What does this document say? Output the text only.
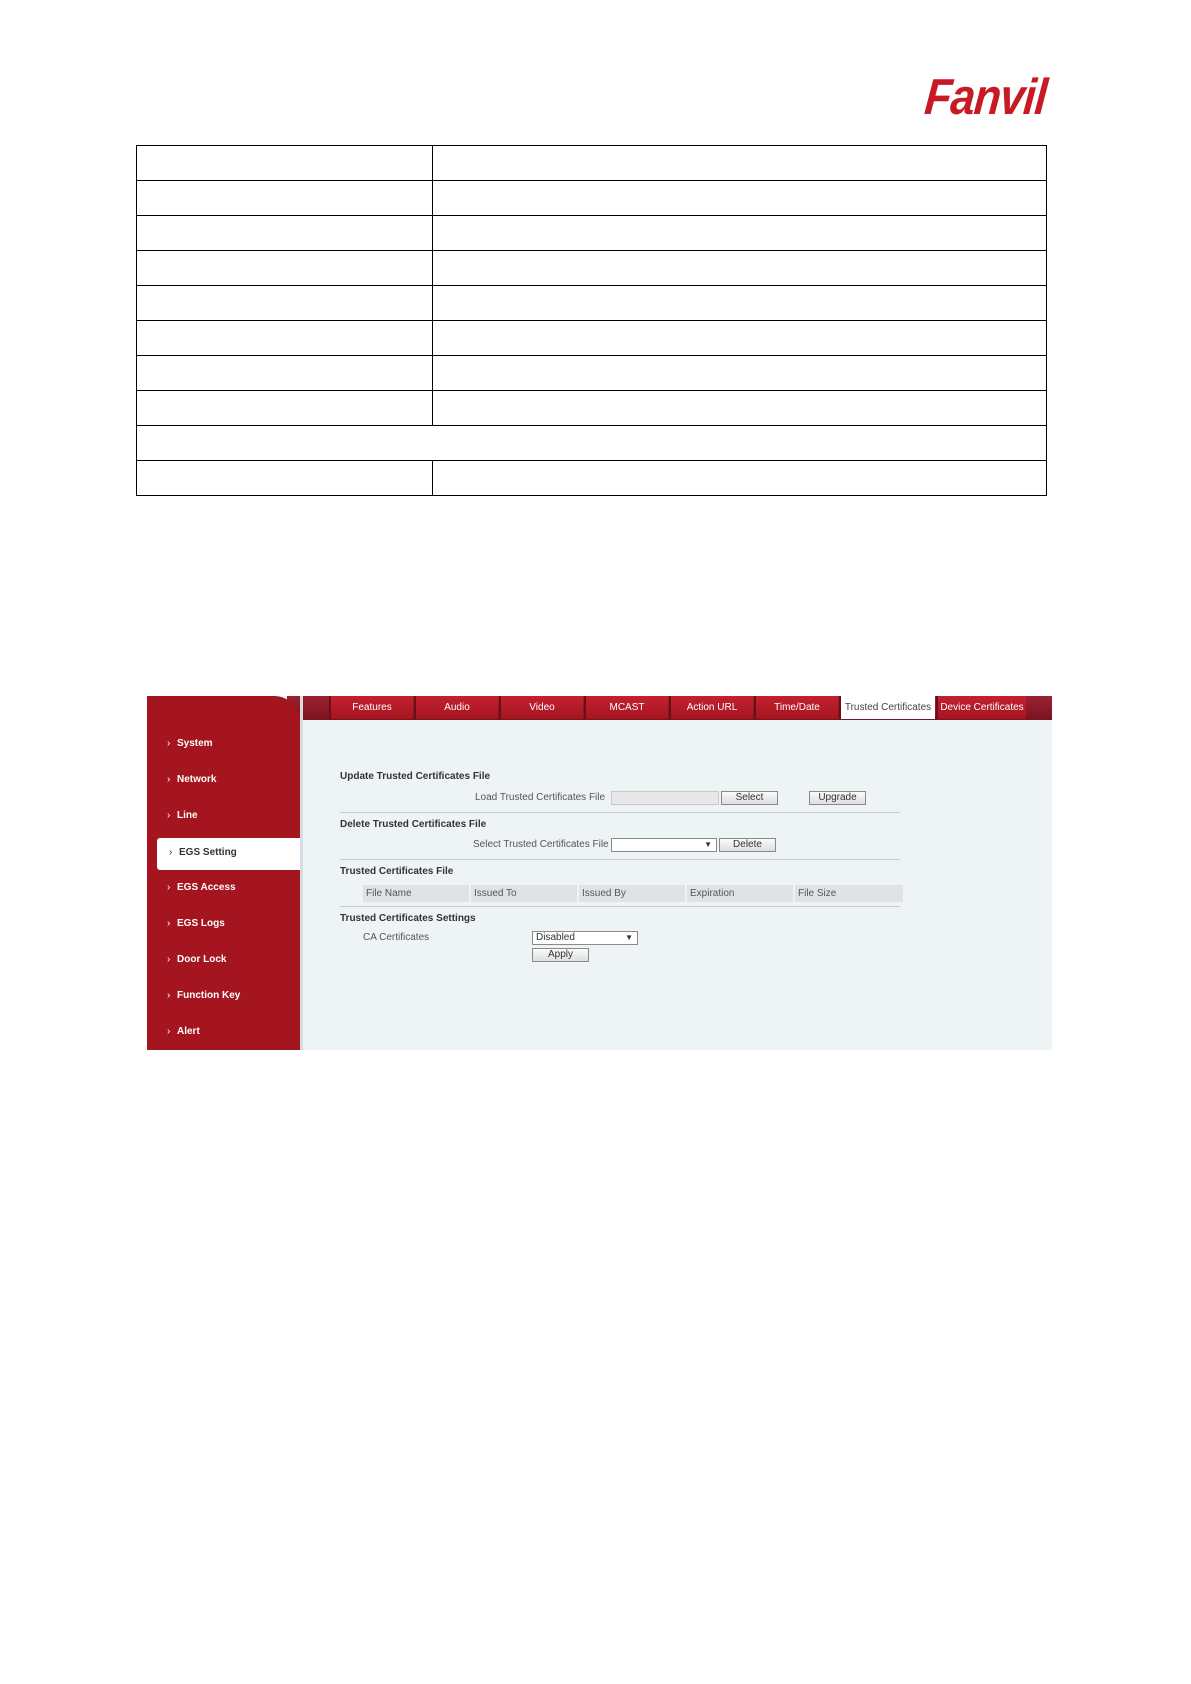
Fanvil

Features	Audio	Video	MCAST	Action URL	Time/Date	Trusted Certificates Device Certificates
› System
› Network
› Line
› EGS Setting
› EGS Access
› EGS Logs
› Door Lock
› Function Key
› Alert
Update Trusted Certificates File
Load Trusted Certificates File	Select	Upgrade
Delete Trusted Certificates File
Select Trusted Certificates File	▼	Delete
Trusted Certificates File
File Name	Issued To	Issued By	Expiration	File Size
Trusted Certificates Settings
CA Certificates	Disabled	▼
Apply
